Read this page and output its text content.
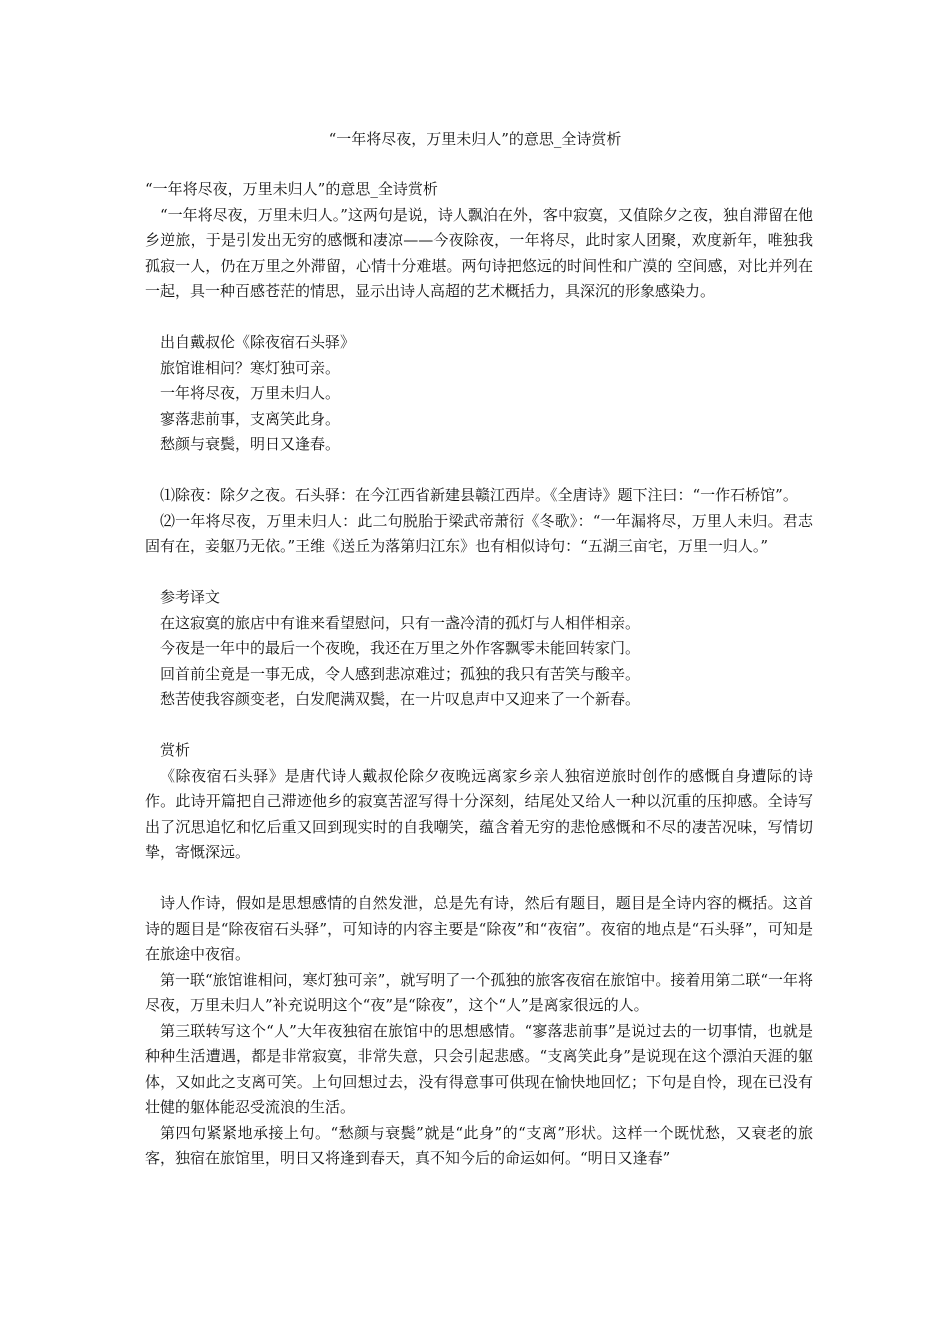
“一年将尽夜，万里未归人”的意思_全诗赏析

“一年将尽夜，万里未归人”的意思_全诗赏析

“一年将尽夜，万里未归人。”这两句是说，诗人飘泊在外，客中寂寞，又值除夕之夜，独自滞留在他乡逆旅，于是引发出无穷的感慨和凄凉——今夜除夜，一年将尽，此时家人团聚，欢度新年，唯独我孤寂一人，仍在万里之外滞留，心情十分难堪。两句诗把悠远的时间性和广漠的 空间感，对比并列在一起，具一种百感苍茫的情思，显示出诗人高超的艺术概括力，具深沉的形象感染力。

出自戴叔伦《除夜宿石头驿》

旅馆谁相问？寒灯独可亲。

一年将尽夜，万里未归人。

寥落悲前事，支离笑此身。

愁颜与衰鬓，明日又逢春。

⑴除夜：除夕之夜。石头驿：在今江西省新建县赣江西岸。《全唐诗》题下注曰：“一作石桥馆”。

⑵一年将尽夜，万里未归人：此二句脱胎于梁武帝萧衍《冬歌》：“一年漏将尽，万里人未归。君志固有在，妾躯乃无依。”王维《送丘为落第归江东》也有相似诗句：“五湖三亩宅，万里一归人。”

参考译文

在这寂寞的旅店中有谁来看望慰问，只有一盏冷清的孤灯与人相伴相亲。

今夜是一年中的最后一个夜晚，我还在万里之外作客飘零未能回转家门。

回首前尘竟是一事无成，令人感到悲凉难过；孤独的我只有苦笑与酸辛。

愁苦使我容颜变老，白发爬满双鬓，在一片叹息声中又迎来了一个新春。

赏析

《除夜宿石头驿》是唐代诗人戴叔伦除夕夜晚远离家乡亲人独宿逆旅时创作的感慨自身遭际的诗作。此诗开篇把自己滞迹他乡的寂寞苦涩写得十分深刻，结尾处又给人一种以沉重的压抑感。全诗写出了沉思追忆和忆后重又回到现实时的自我嘲笑，蕴含着无穷的悲怆感慨和不尽的凄苦况味，写情切挚，寄慨深远。

诗人作诗，假如是思想感情的自然发泄，总是先有诗，然后有题目，题目是全诗内容的概括。这首诗的题目是“除夜宿石头驿”，可知诗的内容主要是“除夜”和“夜宿”。夜宿的地点是“石头驿”，可知是在旅途中夜宿。

第一联“旅馆谁相问，寒灯独可亲”，就写明了一个孤独的旅客夜宿在旅馆中。接着用第二联“一年将尽夜，万里未归人”补充说明这个“夜”是“除夜”，这个“人”是离家很远的人。

第三联转写这个“人”大年夜独宿在旅馆中的思想感情。“寥落悲前事”是说过去的一切事情，也就是种种生活遭遇，都是非常寂寞，非常失意，只会引起悲感。“支离笑此身”是说现在这个漂泊天涯的躯体，又如此之支离可笑。上句回想过去，没有得意事可供现在愉快地回忆；下句是自怜，现在已没有壮健的躯体能忍受流浪的生活。

第四句紧紧地承接上句。“愁颜与衰鬓”就是“此身”的“支离”形状。这样一个既忧愁，又衰老的旅客，独宿在旅馆里，明日又将逢到春天，真不知今后的命运如何。“明日又逢春”
